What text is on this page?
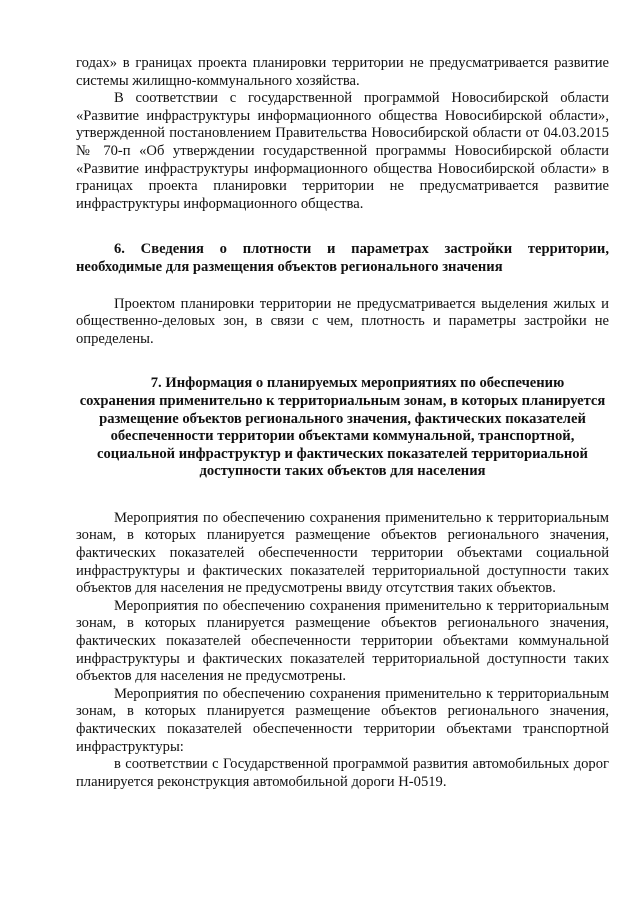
годах» в границах проекта планировки территории не предусматривается развитие системы жилищно-коммунального хозяйства.

В соответствии с государственной программой Новосибирской области «Развитие инфраструктуры информационного общества Новосибирской области», утвержденной постановлением Правительства Новосибирской области от 04.03.2015 № 70-п «Об утверждении государственной программы Новосибирской области «Развитие инфраструктуры информационного общества Новосибирской области» в границах проекта планировки территории не предусматривается развитие инфраструктуры информационного общества.

6. Сведения о плотности и параметрах застройки территории, необходимые для размещения объектов регионального значения

Проектом планировки территории не предусматривается выделения жилых и общественно-деловых зон, в связи с чем, плотность и параметры застройки не определены.

7. Информация о планируемых мероприятиях по обеспечению
сохранения применительно к территориальным зонам, в которых планируется размещение объектов регионального значения, фактических показателей обеспеченности территории объектами коммунальной, транспортной, социальной инфраструктур и фактических показателей территориальной доступности таких объектов для населения

Мероприятия по обеспечению сохранения применительно к территориальным зонам, в которых планируется размещение объектов регионального значения, фактических показателей обеспеченности территории объектами социальной инфраструктуры и фактических показателей территориальной доступности таких объектов для населения не предусмотрены ввиду отсутствия таких объектов.

Мероприятия по обеспечению сохранения применительно к территориальным зонам, в которых планируется размещение объектов регионального значения, фактических показателей обеспеченности территории объектами коммунальной инфраструктуры и фактических показателей территориальной доступности таких объектов для населения не предусмотрены.

Мероприятия по обеспечению сохранения применительно к территориальным зонам, в которых планируется размещение объектов регионального значения, фактических показателей обеспеченности территории объектами транспортной инфраструктуры:

в соответствии с Государственной программой развития автомобильных дорог планируется реконструкция автомобильной дороги Н-0519.
